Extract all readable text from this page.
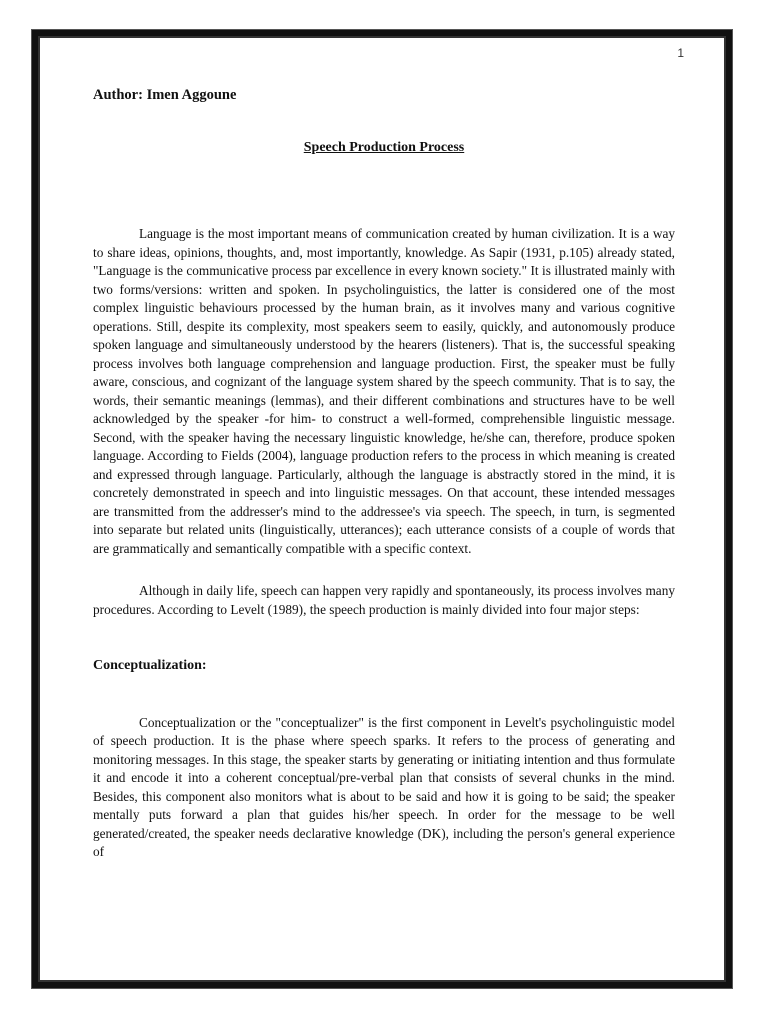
1

Author: Imen Aggoune

Speech Production Process

Language is the most important means of communication created by human civilization. It is a way to share ideas, opinions, thoughts, and, most importantly, knowledge. As Sapir (1931, p.105) already stated, "Language is the communicative process par excellence in every known society." It is illustrated mainly with two forms/versions: written and spoken. In psycholinguistics, the latter is considered one of the most complex linguistic behaviours processed by the human brain, as it involves many and various cognitive operations. Still, despite its complexity, most speakers seem to easily, quickly, and autonomously produce spoken language and simultaneously understood by the hearers (listeners). That is, the successful speaking process involves both language comprehension and language production. First, the speaker must be fully aware, conscious, and cognizant of the language system shared by the speech community. That is to say, the words, their semantic meanings (lemmas), and their different combinations and structures have to be well acknowledged by the speaker -for him- to construct a well-formed, comprehensible linguistic message. Second, with the speaker having the necessary linguistic knowledge, he/she can, therefore, produce spoken language. According to Fields (2004), language production refers to the process in which meaning is created and expressed through language. Particularly, although the language is abstractly stored in the mind, it is concretely demonstrated in speech and into linguistic messages. On that account, these intended messages are transmitted from the addresser's mind to the addressee's via speech. The speech, in turn, is segmented into separate but related units (linguistically, utterances); each utterance consists of a couple of words that are grammatically and semantically compatible with a specific context.

Although in daily life, speech can happen very rapidly and spontaneously, its process involves many procedures. According to Levelt (1989), the speech production is mainly divided into four major steps:

Conceptualization:

Conceptualization or the "conceptualizer" is the first component in Levelt's psycholinguistic model of speech production. It is the phase where speech sparks. It refers to the process of generating and monitoring messages. In this stage, the speaker starts by generating or initiating intention and thus formulate it and encode it into a coherent conceptual/pre-verbal plan that consists of several chunks in the mind. Besides, this component also monitors what is about to be said and how it is going to be said; the speaker mentally puts forward a plan that guides his/her speech. In order for the message to be well generated/created, the speaker needs declarative knowledge (DK), including the person's general experience of
